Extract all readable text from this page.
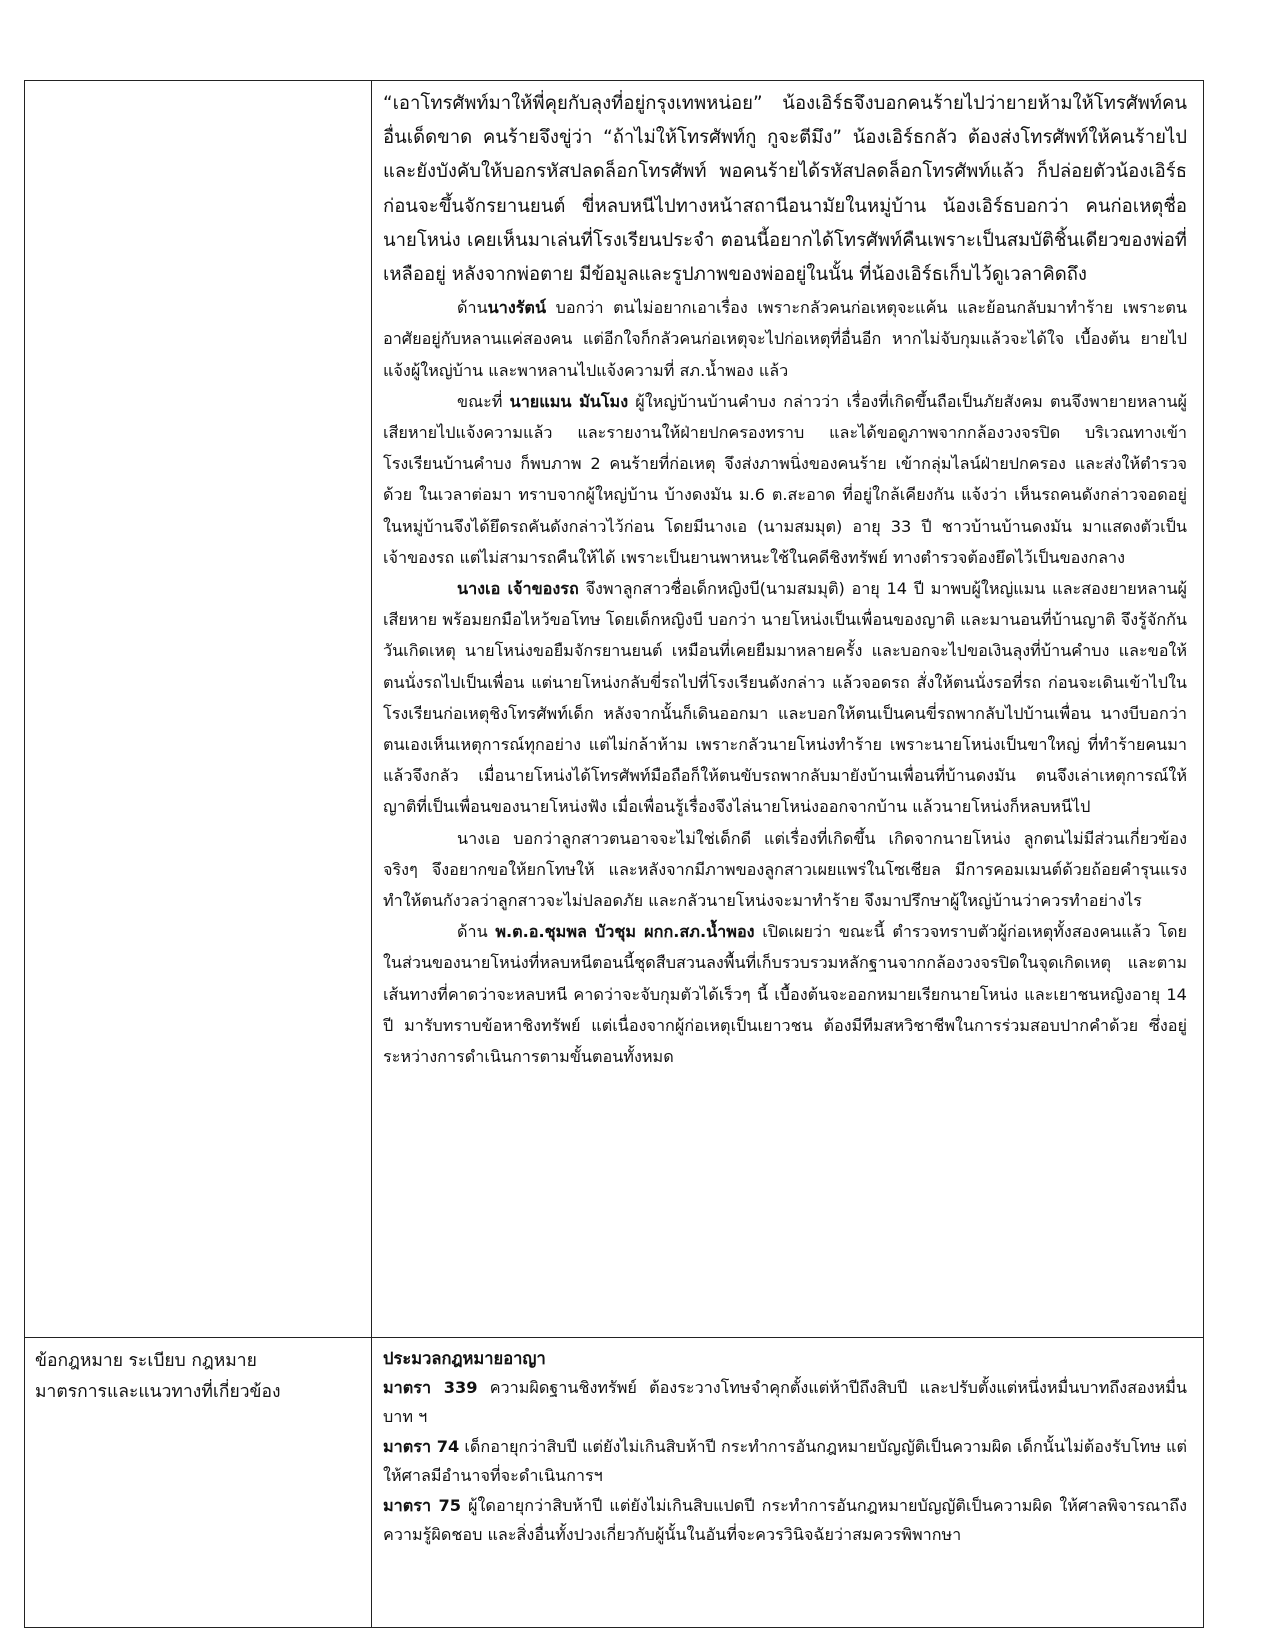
“เอาโทรศัพท์มาให้พี่คุยกับลุงที่อยู่กรุงเทพหน่อย” น้องเอิร์ธจึงบอกคนร้ายไปว่ายายห้ามให้โทรศัพท์คนอื่นเด็ดขาด คนร้ายจึงขู่ว่า “ถ้าไม่ให้โทรศัพท์กู กูจะตีมึง” น้องเอิร์ธกลัว ต้องส่งโทรศัพท์ให้คนร้ายไป และยังบังคับให้บอกรหัสปลดล็อกโทรศัพท์ พอคนร้ายได้รหัสปลดล็อกโทรศัพท์แล้ว ก็ปล่อยตัวน้องเอิร์ธก่อนจะขึ้นจักรยานยนต์ ขี่หลบหนีไปทางหน้าสถานีอนามัยในหมู่บ้าน น้องเอิร์ธบอกว่า คนก่อเหตุชื่อนายโหน่ง เคยเห็นมาเล่นที่โรงเรียนประจำ ตอนนี้อยากได้โทรศัพท์คืนเพราะเป็นสมบัติชิ้นเดียวของพ่อที่เหลืออยู่ หลังจากพ่อตาย มีข้อมูลและรูปภาพของพ่ออยู่ในนั้น ที่น้องเอิร์ธเก็บไว้ดูเวลาคิดถึง

ด้านนางรัตน์ บอกว่า ตนไม่อยากเอาเรื่อง เพราะกลัวคนก่อเหตุจะแค้น และย้อนกลับมาทำร้าย เพราะตนอาศัยอยู่กับหลานแค่สองคน แต่อีกใจก็กลัวคนก่อเหตุจะไปก่อเหตุที่อื่นอีก หากไม่จับกุมแล้วจะได้ใจ เบื้องต้น ยายไปแจ้งผู้ใหญ่บ้าน และพาหลานไปแจ้งความที่ สภ.น้ำพอง แล้ว

ขณะที่ นายแมน มันโมง ผู้ใหญ่บ้านบ้านคำบง กล่าวว่า เรื่องที่เกิดขึ้นถือเป็นภัยสังคม ตนจึงพายายหลานผู้เสียหายไปแจ้งความแล้ว และรายงานให้ฝ่ายปกครองทราบ และได้ขอดูภาพจากกล้องวงจรปิด บริเวณทางเข้าโรงเรียนบ้านคำบง ก็พบภาพ 2 คนร้ายที่ก่อเหตุ จึงส่งภาพนิ่งของคนร้าย เข้ากลุ่มไลน์ฝ่ายปกครอง และส่งให้ตำรวจด้วย ในเวลาต่อมา ทราบจากผู้ใหญ่บ้าน บ้างดงมัน ม.6 ต.สะอาด ที่อยู่ใกล้เคียงกัน แจ้งว่า เห็นรถคนดังกล่าวจอดอยู่ในหมู่บ้านจึงได้ยึดรถคันดังกล่าวไว้ก่อน โดยมีนางเอ (นามสมมุต) อายุ 33 ปี ชาวบ้านบ้านดงมัน มาแสดงตัวเป็นเจ้าของรถ แต่ไม่สามารถคืนให้ได้ เพราะเป็นยานพาหนะใช้ในคดีชิงทรัพย์ ทางตำรวจต้องยึดไว้เป็นของกลาง

นางเอ เจ้าของรถ จึงพาลูกสาวชื่อเด็กหญิงบี(นามสมมุติ) อายุ 14 ปี มาพบผู้ใหญ่แมน และสองยายหลานผู้เสียหาย พร้อมยกมือไหว้ขอโทษ โดยเด็กหญิงบี บอกว่า นายโหน่งเป็นเพื่อนของญาติ และมานอนที่บ้านญาติ จึงรู้จักกัน วันเกิดเหตุ นายโหน่งขอยืมจักรยานยนต์ เหมือนที่เคยยืมมาหลายครั้ง และบอกจะไปขอเงินลุงที่บ้านคำบง และขอให้ตนนั่งรถไปเป็นเพื่อน แต่นายโหน่งกลับขี่รถไปที่โรงเรียนดังกล่าว แล้วจอดรถ สั่งให้ตนนั่งรอที่รถ ก่อนจะเดินเข้าไปในโรงเรียนก่อเหตุชิงโทรศัพท์เด็ก หลังจากนั้นก็เดินออกมา และบอกให้ตนเป็นคนขี่รถพากลับไปบ้านเพื่อน นางบีบอกว่าตนเองเห็นเหตุการณ์ทุกอย่าง แต่ไม่กล้าห้าม เพราะกลัวนายโหน่งทำร้าย เพราะนายโหน่งเป็นขาใหญ่ ที่ทำร้ายคนมาแล้วจึงกลัว เมื่อนายโหน่งได้โทรศัพท์มือถือก็ให้ตนขับรถพากลับมายังบ้านเพื่อนที่บ้านดงมัน ตนจึงเล่าเหตุการณ์ให้ญาติที่เป็นเพื่อนของนายโหน่งฟัง เมื่อเพื่อนรู้เรื่องจึงไล่นายโหน่งออกจากบ้าน แล้วนายโหน่งก็หลบหนีไป

นางเอ บอกว่าลูกสาวตนอาจจะไม่ใช่เด็กดี แต่เรื่องที่เกิดขึ้น เกิดจากนายโหน่ง ลูกตนไม่มีส่วนเกี่ยวข้องจริงๆ จึงอยากขอให้ยกโทษให้ และหลังจากมีภาพของลูกสาวเผยแพร่ในโซเชียล มีการคอมเมนต์ด้วยถ้อยคำรุนแรง ทำให้ตนกังวลว่าลูกสาวจะไม่ปลอดภัย และกลัวนายโหน่งจะมาทำร้าย จึงมาปรึกษาผู้ใหญ่บ้านว่าควรทำอย่างไร

ด้าน พ.ต.อ.ชุมพล บัวชุม ผกก.สภ.น้ำพอง เปิดเผยว่า ขณะนี้ ตำรวจทราบตัวผู้ก่อเหตุทั้งสองคนแล้ว โดยในส่วนของนายโหน่งที่หลบหนีตอนนี้ชุดสืบสวนลงพื้นที่เก็บรวบรวมหลักฐานจากกล้องวงจรปิดในจุดเกิดเหตุ และตามเส้นทางที่คาดว่าจะหลบหนี คาดว่าจะจับกุมตัวได้เร็วๆ นี้ เบื้องต้นจะออกหมายเรียกนายโหน่ง และเยาชนหญิงอายุ 14 ปี มารับทราบข้อหาชิงทรัพย์ แต่เนื่องจากผู้ก่อเหตุเป็นเยาวชน ต้องมีทีมสหวิชาชีพในการร่วมสอบปากคำด้วย ซึ่งอยู่ระหว่างการดำเนินการตามขั้นตอนทั้งหมด

ข้อกฎหมาย ระเบียบ กฎหมาย

มาตรการและแนวทางที่เกี่ยวข้อง

ประมวลกฎหมายอาญา

มาตรา 339 ความผิดฐานชิงทรัพย์ ต้องระวางโทษจำคุกตั้งแต่ห้าปีถึงสิบปี และปรับตั้งแต่หนึ่งหมื่นบาทถึงสองหมื่นบาท ฯ

มาตรา 74 เด็กอายุกว่าสิบปี แต่ยังไม่เกินสิบห้าปี กระทำการอันกฎหมายบัญญัติเป็นความผิด เด็กนั้นไม่ต้องรับโทษ แต่ให้ศาลมีอำนาจที่จะดำเนินการฯ

มาตรา 75 ผู้ใดอายุกว่าสิบห้าปี แต่ยังไม่เกินสิบแปดปี กระทำการอันกฎหมายบัญญัติเป็นความผิด ให้ศาลพิจารณาถึงความรู้ผิดชอบ และสิ่งอื่นทั้งปวงเกี่ยวกับผู้นั้นในอันที่จะควรวินิจฉัยว่าสมควรพิพากษา
